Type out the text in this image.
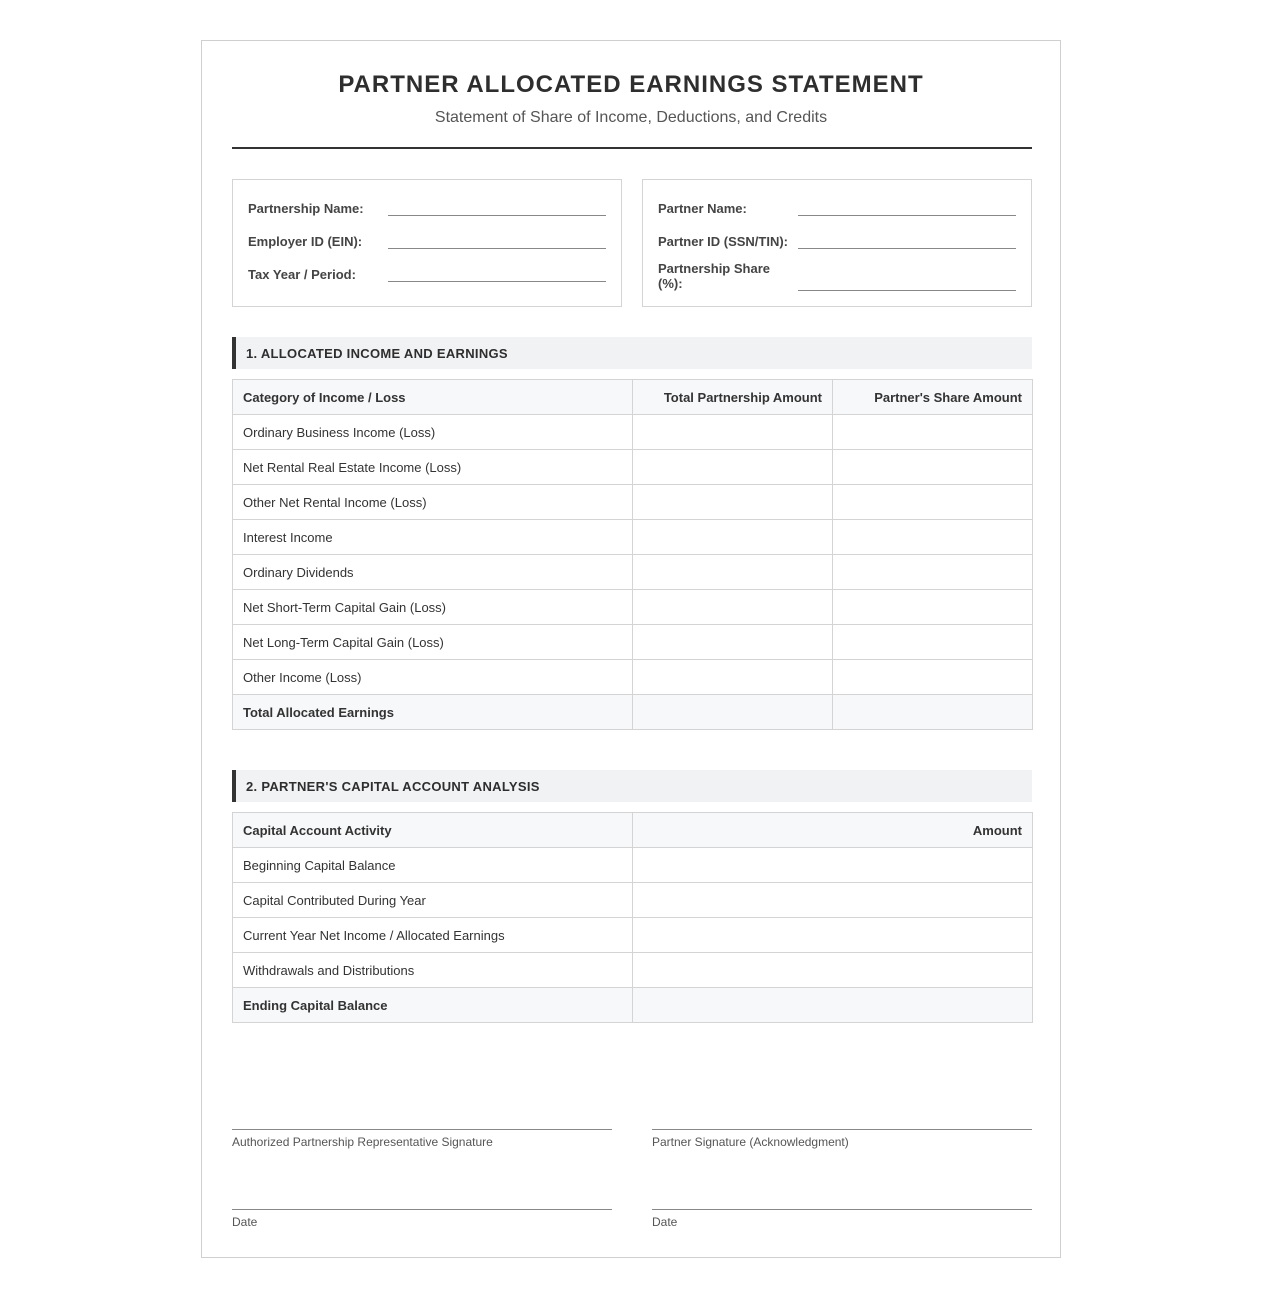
PARTNER ALLOCATED EARNINGS STATEMENT
Statement of Share of Income, Deductions, and Credits
Partnership Name:
Employer ID (EIN):
Tax Year / Period:
Partner Name:
Partner ID (SSN/TIN):
Partnership Share (%):
1. ALLOCATED INCOME AND EARNINGS
Category of Income / Loss	Total Partnership Amount	Partner's Share Amount
Ordinary Business Income (Loss)		
Net Rental Real Estate Income (Loss)		
Other Net Rental Income (Loss)		
Interest Income		
Ordinary Dividends		
Net Short-Term Capital Gain (Loss)		
Net Long-Term Capital Gain (Loss)		
Other Income (Loss)		
Total Allocated Earnings		
2. PARTNER'S CAPITAL ACCOUNT ANALYSIS
Capital Account Activity	Amount
Beginning Capital Balance	
Capital Contributed During Year	
Current Year Net Income / Allocated Earnings	
Withdrawals and Distributions	
Ending Capital Balance	
Authorized Partnership Representative Signature	Partner Signature (Acknowledgment)
Date	Date
